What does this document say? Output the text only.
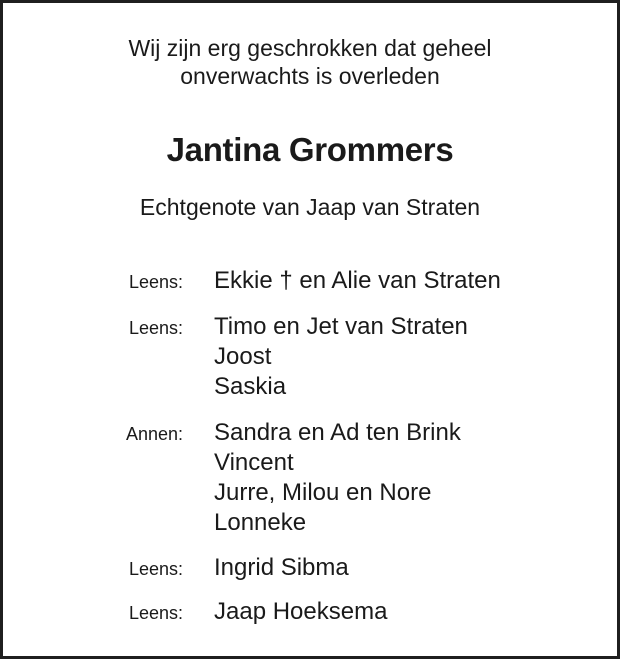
Wij zijn erg geschrokken dat geheel
onverwachts is overleden
Jantina Grommers
Echtgenote van Jaap van Straten
Leens: Ekkie † en Alie van Straten
Leens: Timo en Jet van Straten
Joost
Saskia
Annen: Sandra en Ad ten Brink
Vincent
Jurre, Milou en Nore
Lonneke
Leens: Ingrid Sibma
Leens: Jaap Hoeksema
